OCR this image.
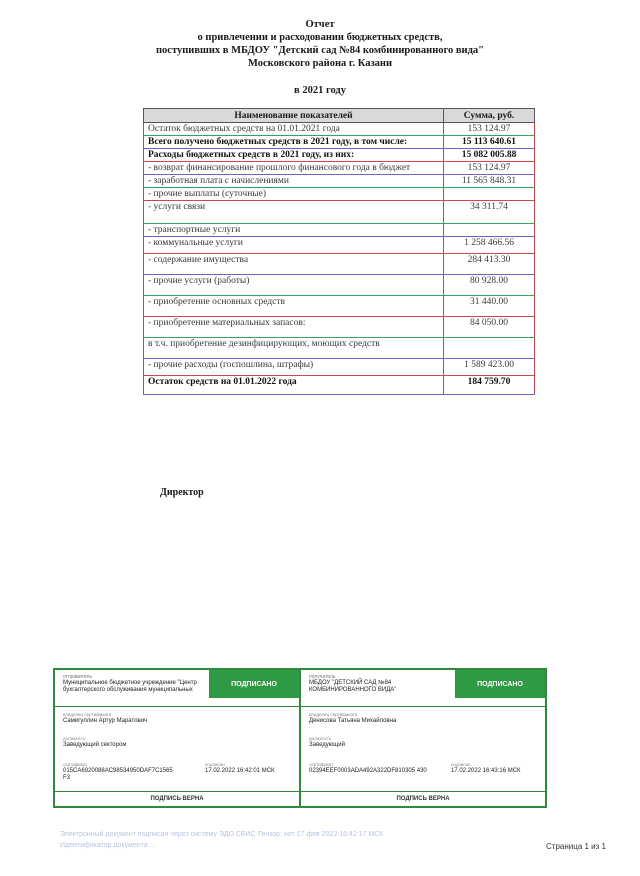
Отчет
о привлечении и расходовании бюджетных средств,
поступивших в МБДОУ "Детский сад №84 комбинированного вида"
Московского района г. Казани
в 2021 году
Наименование показателей	Сумма, руб.
Остаток бюджетных средств на 01.01.2021 года	153 124.97
Всего получено бюджетных средств в 2021 году, в том числе:	15 113 640.61
Расходы бюджетных средств в 2021 году, из них:	15 082 005.88
- возврат финансирование прошлого финансового года в бюджет	153 124.97
- заработная плата с начислениями	11 565 848.31
- прочие выплаты (суточные)	
- услуги связи	34 311.74
- транспортные услуги	
- коммунальные услуги	1 258 466.56
- содержание имущества	284 413.30
- прочие услуги (работы)	80 928.00
- приобретение основных средств	31 440.00
- приобретение материальных запасов:	84 050.00
в т.ч. приобретение дезинфицирующих, моющих средств	
- прочие расходы (госпошлина, штрафы)	1 589 423.00
Остаток средств на 01.01.2022 года	184 759.70
Директор
отправитель
Муниципальное бюджетное учреждение "Центр бухгалтерского обслуживания муниципальных
ПОДПИСАНО
владелец сертификата
Самигуллин Артур Маратович
должность
Заведующий сектором
сертификат
015CA6920088AC98534950DAF7C1565 F3
подписан
17.02.2022 16:42:01 МСК
ПОДПИСЬ ВЕРНА
получатель
МБДОУ "ДЕТСКИЙ САД №84 КОМБИНИРОВАННОГО ВИДА"
ПОДПИСАНО
владелец сертификата
Денисова Татьяна Михайловна
должность
Заведующий
сертификат
02394EEF0003ADA492A322DF810305 430
подписан
17.02.2022 16:43:16 МСК
ПОДПИСЬ ВЕРНА
Электронный документ подписан через систему ЭДО СБИС Тензор: нет 17 фев 2022 16:42:17 МСК
Идентификатор документа ...	Страница 1 из 1
